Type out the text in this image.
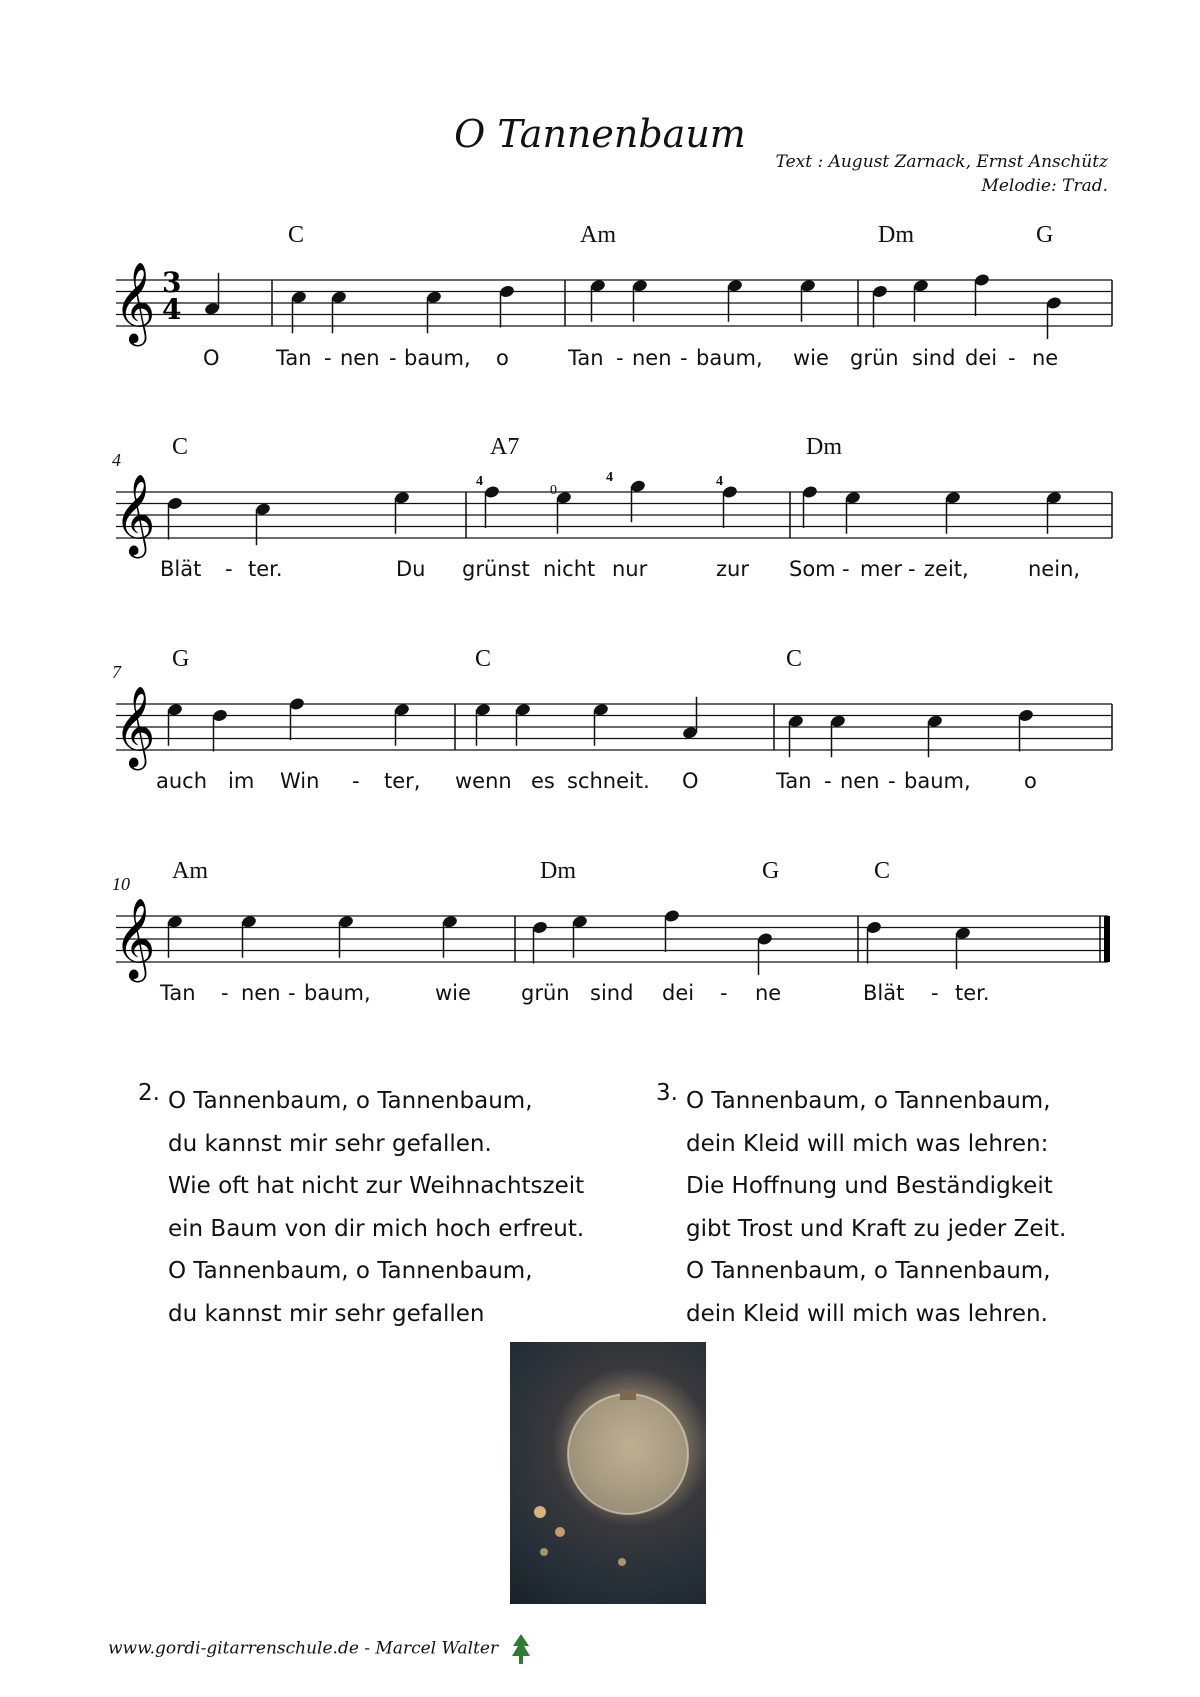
O Tannenbaum
Text : August Zarnack, Ernst Anschütz
Melodie: Trad.
C	Am	Dm	G
O	Tan - nen - baum, o	Tan - nen - baum, wie grün sind dei - ne
4 C	A7	Dm
Blät - ter.	Du grünst nicht nur	zur Som - mer - zeit,	nein,
4
0
4	4
7 G	C	C
auch im Win - ter, wenn es schneit. O	Tan - nen - baum,	o
10 Am	Dm	G	C
Tan - nen - baum,	wie grün sind dei - ne	Blät - ter.
𝄞
𝄞
𝄞
𝄞
3
4
2. O Tannenbaum, o Tannenbaum,
du kannst mir sehr gefallen.
Wie oft hat nicht zur Weihnachtszeit
ein Baum von dir mich hoch erfreut.
O Tannenbaum, o Tannenbaum,
du kannst mir sehr gefallen
3. O Tannenbaum, o Tannenbaum,
dein Kleid will mich was lehren:
Die Hoffnung und Beständigkeit
gibt Trost und Kraft zu jeder Zeit.
O Tannenbaum, o Tannenbaum,
dein Kleid will mich was lehren.
www.gordi-gitarrenschule.de - Marcel Walter
